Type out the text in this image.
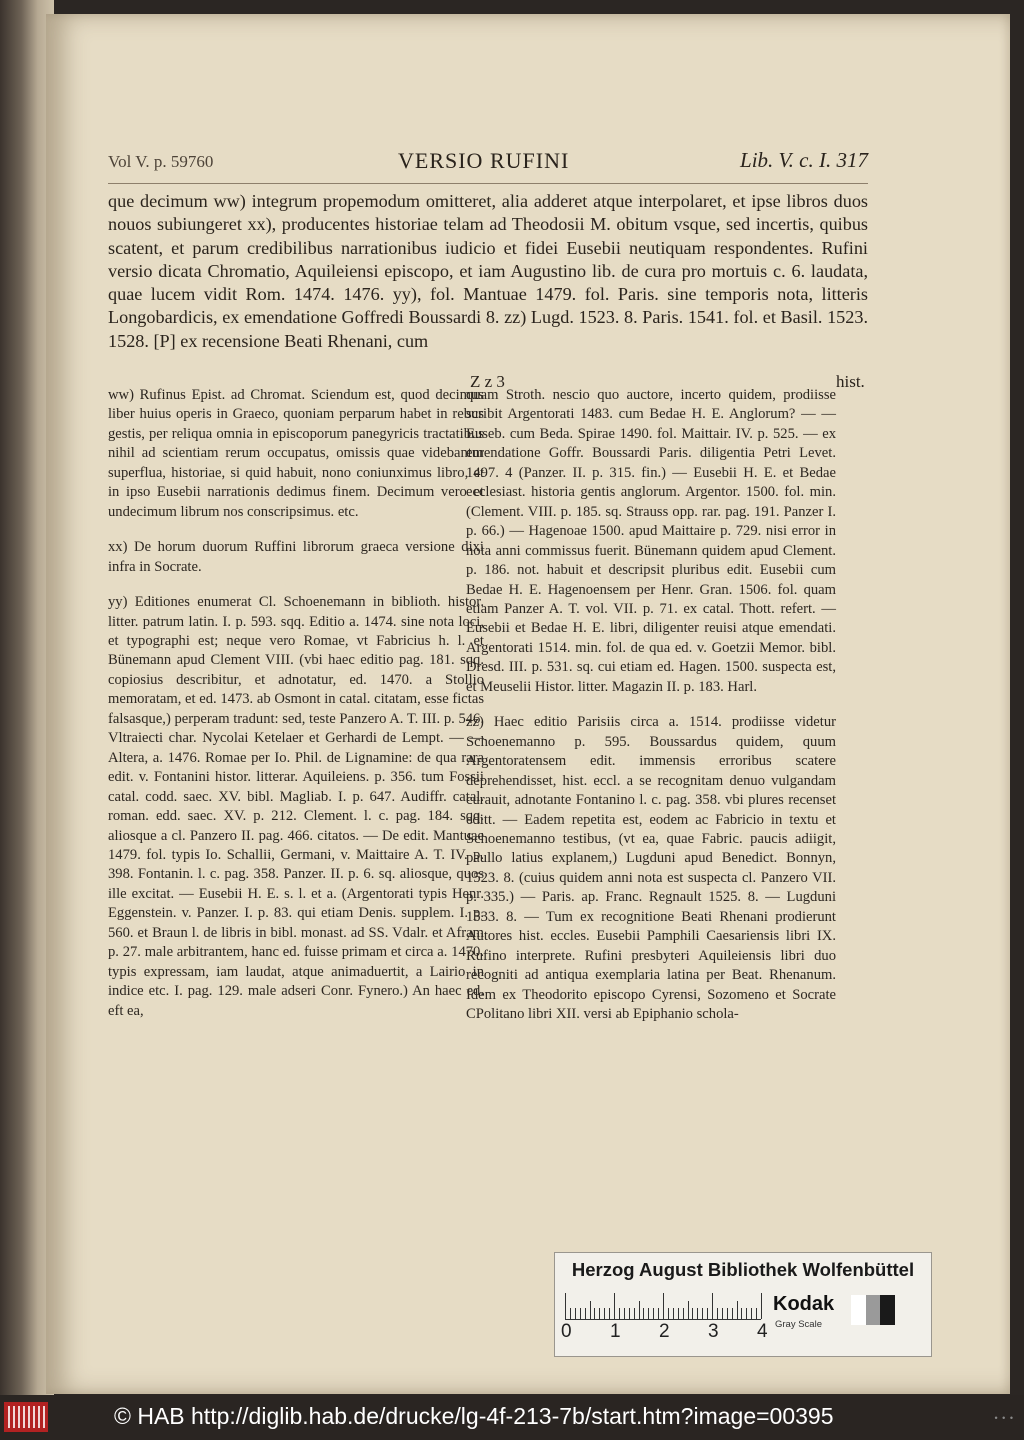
Vol V. p. 59760	VERSIO RUFINI	Lib. V. c. I. 317

que decimum ww) integrum propemodum omitteret, alia adderet atque interpolaret, et ipse libros duos nouos subiungeret xx), producentes historiae telam ad Theodosii M. obitum vsque, sed incertis, quibus scatent, et parum credibilibus narrationibus iudicio et fidei Eusebii neutiquam respondentes. Rufini versio dicata Chromatio, Aquileiensi episcopo, et iam Augustino lib. de cura pro mortuis c. 6. laudata, quae lucem vidit Rom. 1474. 1476. yy), fol. Mantuae 1479. fol. Paris. sine temporis nota, litteris Longobardicis, ex emendatione Goffredi Boussardi 8. zz) Lugd. 1523. 8. Paris. 1541. fol. et Basil. 1523. 1528. [P] ex recensione Beati Rhenani, cum

Z z 3	hist.

ww) Rufinus Epist. ad Chromat. Sciendum est, quod decimus liber huius operis in Graeco, quoniam perparum habet in rebus gestis, per reliqua omnia in episcoporum panegyricis tractatibus nihil ad scientiam rerum occupatus, omissis quae videbantur superflua, historiae, si quid habuit, nono coniunximus libro, et in ipso Eusebii narrationis dedimus finem. Decimum vero et undecimum librum nos conscripsimus. etc.

xx) De horum duorum Ruffini librorum graeca versione dixi infra in Socrate.

yy) Editiones enumerat Cl. Schoenemann in biblioth. histor. litter. patrum latin. I. p. 593. sqq. Editio a. 1474. sine nota loci, et typographi est; neque vero Romae, vt Fabricius h. l. et Bünemann apud Clement VIII. (vbi haec editio pag. 181. sqq. copiosius describitur, et adnotatur, ed. 1470. a Stollio memoratam, et ed. 1473. ab Osmont in catal. citatam, esse fictas falsasque,) perperam tradunt: sed, teste Panzero A. T. III. p. 546. Vltraiecti char. Nycolai Ketelaer et Gerhardi de Lempt. — — Altera, a. 1476. Romae per Io. Phil. de Lignamine: de qua rara edit. v. Fontanini histor. litterar. Aquileiens. p. 356. tum Fossii catal. codd. saec. XV. bibl. Magliab. I. p. 647. Audiffr. catal. roman. edd. saec. XV. p. 212. Clement. l. c. pag. 184. sqq. aliosque a cl. Panzero II. pag. 466. citatos. — De edit. Mantuae 1479. fol. typis Io. Schallii, Germani, v. Maittaire A. T. IV. p. 398. Fontanin. l. c. pag. 358. Panzer. II. p. 6. sq. aliosque, quos ille excitat. — Eusebii H. E. s. l. et a. (Argentorati typis Henr. Eggenstein. v. Panzer. I. p. 83. qui etiam Denis. supplem. I. p. 560. et Braun l. de libris in bibl. monast. ad SS. Vdalr. et Afram p. 27. male arbitrantem, hanc ed. fuisse primam et circa a. 1470. typis expressam, iam laudat, atque animaduertit, a Lairio in indice etc. I. pag. 129. male adseri Conr. Fynero.) An haec ed. eft ea,

quam Stroth. nescio quo auctore, incerto quidem, prodiisse scribit Argentorati 1483. cum Bedae H. E. Anglorum? — — Euseb. cum Beda. Spirae 1490. fol. Maittair. IV. p. 525. — ex emendatione Goffr. Boussardi Paris. diligentia Petri Levet. 1497. 4 (Panzer. II. p. 315. fin.) — Eusebii H. E. et Bedae ecclesiast. historia gentis anglorum. Argentor. 1500. fol. min. (Clement. VIII. p. 185. sq. Strauss opp. rar. pag. 191. Panzer I. p. 66.) — Hagenoae 1500. apud Maittaire p. 729. nisi error in nota anni commissus fuerit. Bünemann quidem apud Clement. p. 186. not. habuit et descripsit pluribus edit. Eusebii cum Bedae H. E. Hagenoensem per Henr. Gran. 1506. fol. quam etiam Panzer A. T. vol. VII. p. 71. ex catal. Thott. refert. — Eusebii et Bedae H. E. libri, diligenter reuisi atque emendati. Argentorati 1514. min. fol. de qua ed. v. Goetzii Memor. bibl. Dresd. III. p. 531. sq. cui etiam ed. Hagen. 1500. suspecta est, et Meuselii Histor. litter. Magazin II. p. 183. Harl.

zz) Haec editio Parisiis circa a. 1514. prodiisse videtur Schoenemanno p. 595. Boussardus quidem, quum Argentoratensem edit. immensis erroribus scatere deprehendisset, hist. eccl. a se recognitam denuo vulgandam curauit, adnotante Fontanino l. c. pag. 358. vbi plures recenset editt. — Eadem repetita est, eodem ac Fabricio in textu et Schoenemanno testibus, (vt ea, quae Fabric. paucis adiigit, paullo latius explanem,) Lugduni apud Benedict. Bonnyn, 1523. 8. (cuius quidem anni nota est suspecta cl. Panzero VII. p. 335.) — Paris. ap. Franc. Regnault 1525. 8. — Lugduni 1533. 8. — Tum ex recognitione Beati Rhenani prodierunt Autores hist. eccles. Eusebii Pamphili Caesariensis libri IX. Rufino interprete. Rufini presbyteri Aquileiensis libri duo recogniti ad antiqua exemplaria latina per Beat. Rhenanum. Idem ex Theodorito episcopo Cyrensi, Sozomeno et Socrate CPolitano libri XII. versi ab Epiphanio schola-

Herzog August Bibliothek Wolfenbüttel
0 1 2 3 4
Kodak
Gray Scale
© HAB http://diglib.hab.de/drucke/lg-4f-213-7b/start.htm?image=00395	• • •
